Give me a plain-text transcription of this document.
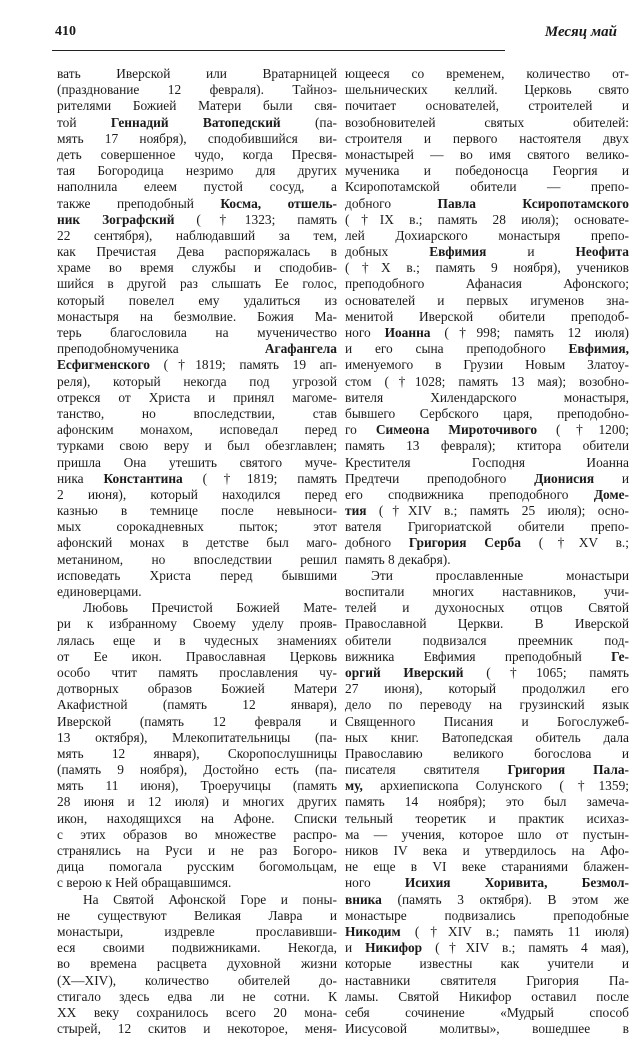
410	Месяц май
вать Иверской или Вратарницей
(празднование 12 февраля). Тайноз-
рителями Божией Матери были свя-
той Геннадий Ватопедский (па-
мять 17 ноября), сподобившийся ви-
деть совершенное чудо, когда Пресвя-
тая Богородица незримо для других
наполнила елеем пустой сосуд, а
также преподобный Косма, отшель-
ник Зографский (†1323; память
22 сентября), наблюдавший за тем,
как Пречистая Дева распоряжалась в
храме во время службы и сподобив-
шийся в другой раз слышать Ее голос,
который повелел ему удалиться из
монастыря на безмолвие. Божия Ма-
терь благословила на мученичество
преподобномученика Агафангела
Есфигменского (†1819; память 19 ап-
реля), который некогда под угрозой
отрекся от Христа и принял магоме-
танство, но впоследствии, став
афонским монахом, исповедал перед
турками свою веру и был обезглавлен;
пришла Она утешить святого муче-
ника Константина (†1819; память
2 июня), который находился перед
казнью в темнице после невыноси-
мых сорокадневных пыток; этот
афонский монах в детстве был маго-
метанином, но впоследствии решил
исповедать Христа перед бывшими
единоверцами.
Любовь Пречистой Божией Мате-
ри к избранному Своему уделу прояв-
лялась еще и в чудесных знамениях
от Ее икон. Православная Церковь
особо чтит память прославления чу-
дотворных образов Божией Матери
Акафистной (память 12 января),
Иверской (память 12 февраля и
13 октября), Млекопитательницы (па-
мять 12 января), Скоропослушницы
(память 9 ноября), Достойно есть (па-
мять 11 июня), Троеручицы (память
28 июня и 12 июля) и многих других
икон, находящихся на Афоне. Списки
с этих образов во множестве распро-
странялись на Руси и не раз Богоро-
дица помогала русским богомольцам,
с верою к Ней обращавшимся.
На Святой Афонской Горе и поны-
не существуют Великая Лавра и
монастыри, издревле прославивши-
еся своими подвижниками. Некогда,
во времена расцвета духовной жизни
(X—XIV), количество обителей до-
стигало здесь едва ли не сотни. К
XX веку сохранилось всего 20 мона-
стырей, 12 скитов и некоторое, меня-
ющееся со временем, количество от-
шельнических келлий. Церковь свято
почитает основателей, строителей и
возобновителей святых обителей:
строителя и первого настоятеля двух
монастырей — во имя святого велико-
мученика и победоносца Георгия и
Ксиропотамской обители — препо-
добного Павла Ксиропотамского
(†IX в.; память 28 июля); основате-
лей Дохиарского монастыря препо-
добных Евфимия и Неофита
(†X в.; память 9 ноября), учеников
преподобного Афанасия Афонского;
основателей и первых игуменов зна-
менитой Иверской обители преподоб-
ного Иоанна (†998; память 12 июля)
и его сына преподобного Евфимия,
именуемого в Грузии Новым Златоу-
стом (†1028; память 13 мая); возобно-
вителя Хилендарского монастыря,
бывшего Сербского царя, преподобно-
го Симеона Мироточивого (†1200;
память 13 февраля); ктитора обители
Крестителя Господня Иоанна
Предтечи преподобного Дионисия и
его сподвижника преподобного Доме-
тия (†XIV в.; память 25 июля); осно-
вателя Григориатской обители препо-
добного Григория Серба (†XV в.;
память 8 декабря).
Эти прославленные монастыри
воспитали многих наставников, учи-
телей и духоносных отцов Святой
Православной Церкви. В Иверской
обители подвизался преемник под-
вижника Евфимия преподобный Ге-
оргий Иверский (†1065; память
27 июня), который продолжил его
дело по переводу на грузинский язык
Священного Писания и Богослужеб-
ных книг. Ватопедская обитель дала
Православию великого богослова и
писателя святителя Григория Пала-
му, архиепископа Солунского (†1359;
память 14 ноября); это был замеча-
тельный теоретик и практик исихаз-
ма — учения, которое шло от пустын-
ников IV века и утвердилось на Афо-
не еще в VI веке стараниями блажен-
ного Исихия Хоривита, Безмол-
вника (память 3 октября). В этом же
монастыре подвизались преподобные
Никодим (†XIV в.; память 11 июля)
и Никифор (†XIV в.; память 4 мая),
которые известны как учители и
наставники святителя Григория Па-
ламы. Святой Никифор оставил после
себя сочинение «Мудрый способ
Иисусовой молитвы», вошедшее в
